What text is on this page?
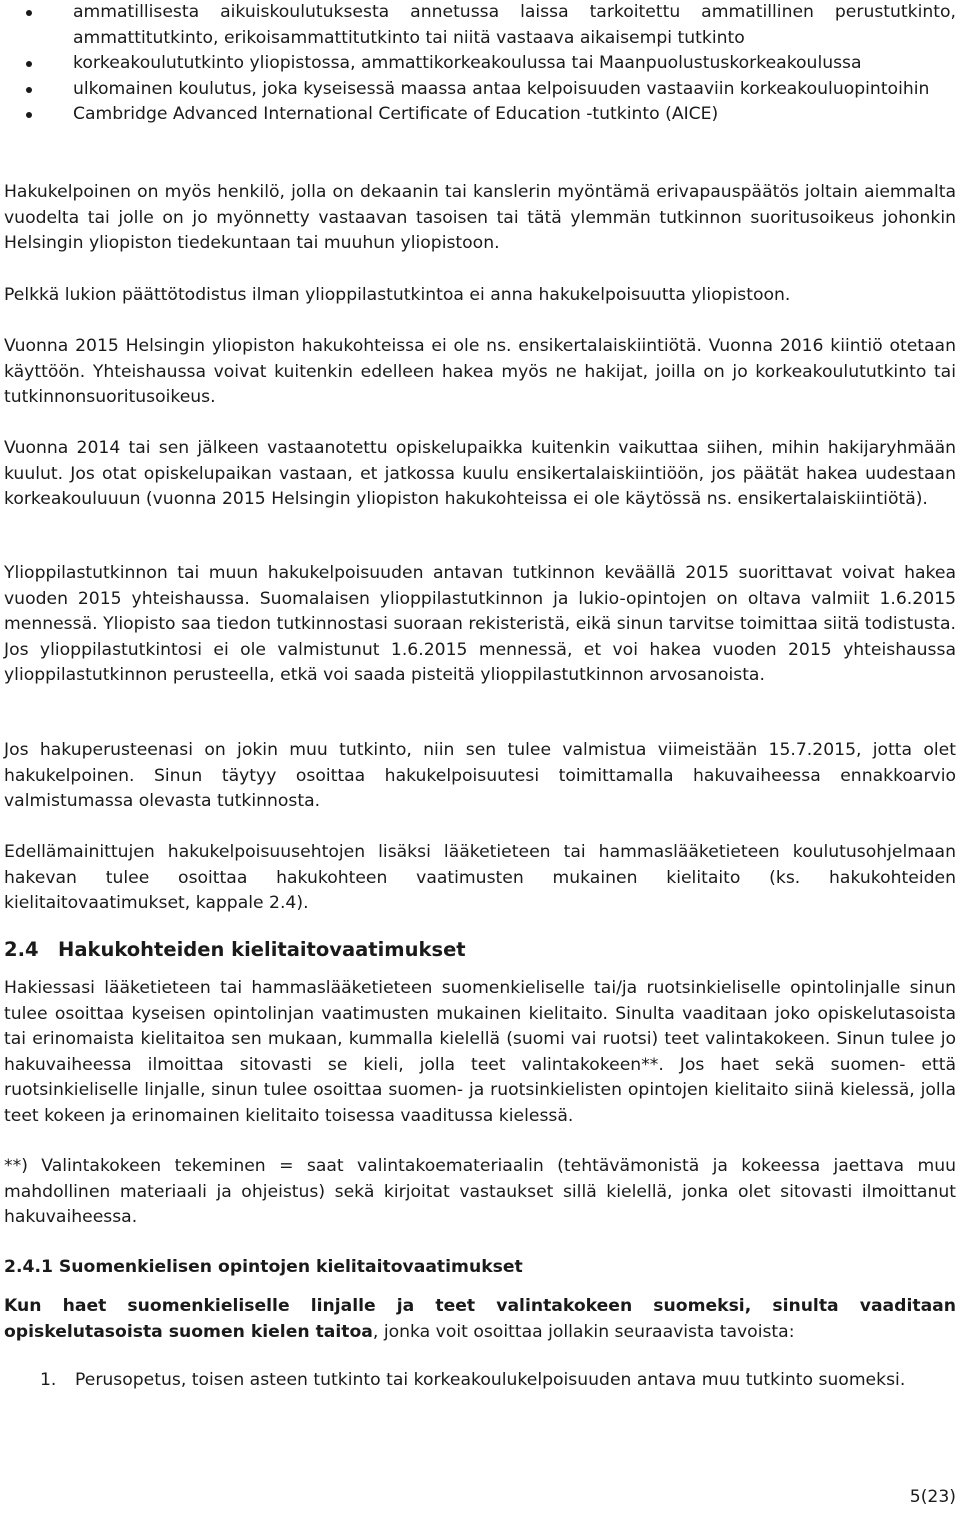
ammatillisesta aikuiskoulutuksesta annetussa laissa tarkoitettu ammatillinen perustutkinto, ammattitutkinto, erikoisammattitutkinto tai niitä vastaava aikaisempi tutkinto
korkeakoulututkinto yliopistossa, ammattikorkeakoulussa tai Maanpuolustuskorkeakoulussa
ulkomainen koulutus, joka kyseisessä maassa antaa kelpoisuuden vastaaviin korkeakouluopintoihin
Cambridge Advanced International Certificate of Education -tutkinto (AICE)

Hakukelpoinen on myös henkilö, jolla on dekaanin tai kanslerin myöntämä erivapauspäätös joltain aiemmalta vuodelta tai jolle on jo myönnetty vastaavan tasoisen tai tätä ylemmän tutkinnon suoritusoikeus johonkin Helsingin yliopiston tiedekuntaan tai muuhun yliopistoon.

Pelkkä lukion päättötodistus ilman ylioppilastutkintoa ei anna hakukelpoisuutta yliopistoon.

Vuonna 2015 Helsingin yliopiston hakukohteissa ei ole ns. ensikertalaiskiintiötä. Vuonna 2016 kiintiö otetaan käyttöön. Yhteishaussa voivat kuitenkin edelleen hakea myös ne hakijat, joilla on jo korkeakoulututkinto tai tutkinnonsuoritusoikeus.

Vuonna 2014 tai sen jälkeen vastaanotettu opiskelupaikka kuitenkin vaikuttaa siihen, mihin hakijaryhmään kuulut. Jos otat opiskelupaikan vastaan, et jatkossa kuulu ensikertalaiskiintiöön, jos päätät hakea uudestaan korkeakouluuun (vuonna 2015 Helsingin yliopiston hakukohteissa ei ole käytössä ns. ensikertalaiskiintiötä).

Ylioppilastutkinnon tai muun hakukelpoisuuden antavan tutkinnon keväällä 2015 suorittavat voivat hakea vuoden 2015 yhteishaussa. Suomalaisen ylioppilastutkinnon ja lukio-opintojen on oltava valmiit 1.6.2015 mennessä. Yliopisto saa tiedon tutkinnostasi suoraan rekisteristä, eikä sinun tarvitse toimittaa siitä todistusta. Jos ylioppilastutkintosi ei ole valmistunut 1.6.2015 mennessä, et voi hakea vuoden 2015 yhteishaussa ylioppilastutkinnon perusteella, etkä voi saada pisteitä ylioppilastutkinnon arvosanoista.

Jos hakuperusteenasi on jokin muu tutkinto, niin sen tulee valmistua viimeistään 15.7.2015, jotta olet hakukelpoinen. Sinun täytyy osoittaa hakukelpoisuutesi toimittamalla hakuvaiheessa ennakkoarvio valmistumassa olevasta tutkinnosta.

Edellämainittujen hakukelpoisuusehtojen lisäksi lääketieteen tai hammaslääketieteen koulutusohjelmaan hakevan tulee osoittaa hakukohteen vaatimusten mukainen kielitaito (ks. hakukohteiden kielitaitovaatimukset, kappale 2.4).

2.4 Hakukohteiden kielitaitovaatimukset

Hakiessasi lääketieteen tai hammaslääketieteen suomenkieliselle tai/ja ruotsinkieliselle opintolinjalle sinun tulee osoittaa kyseisen opintolinjan vaatimusten mukainen kielitaito. Sinulta vaaditaan joko opiskelutasoista tai erinomaista kielitaitoa sen mukaan, kummalla kielellä (suomi vai ruotsi) teet valintakokeen. Sinun tulee jo hakuvaiheessa ilmoittaa sitovasti se kieli, jolla teet valintakokeen**. Jos haet sekä suomen- että ruotsinkieliselle linjalle, sinun tulee osoittaa suomen- ja ruotsinkielisten opintojen kielitaito siinä kielessä, jolla teet kokeen ja erinomainen kielitaito toisessa vaaditussa kielessä.

**) Valintakokeen tekeminen = saat valintakoemateriaalin (tehtävämonistä ja kokeessa jaettava muu mahdollinen materiaali ja ohjeistus) sekä kirjoitat vastaukset sillä kielellä, jonka olet sitovasti ilmoittanut hakuvaiheessa.

2.4.1 Suomenkielisen opintojen kielitaitovaatimukset

Kun haet suomenkieliselle linjalle ja teet valintakokeen suomeksi, sinulta vaaditaan opiskelutasoista suomen kielen taitoa, jonka voit osoittaa jollakin seuraavista tavoista:

1. Perusopetus, toisen asteen tutkinto tai korkeakoulukelpoisuuden antava muu tutkinto suomeksi.

5(23)
